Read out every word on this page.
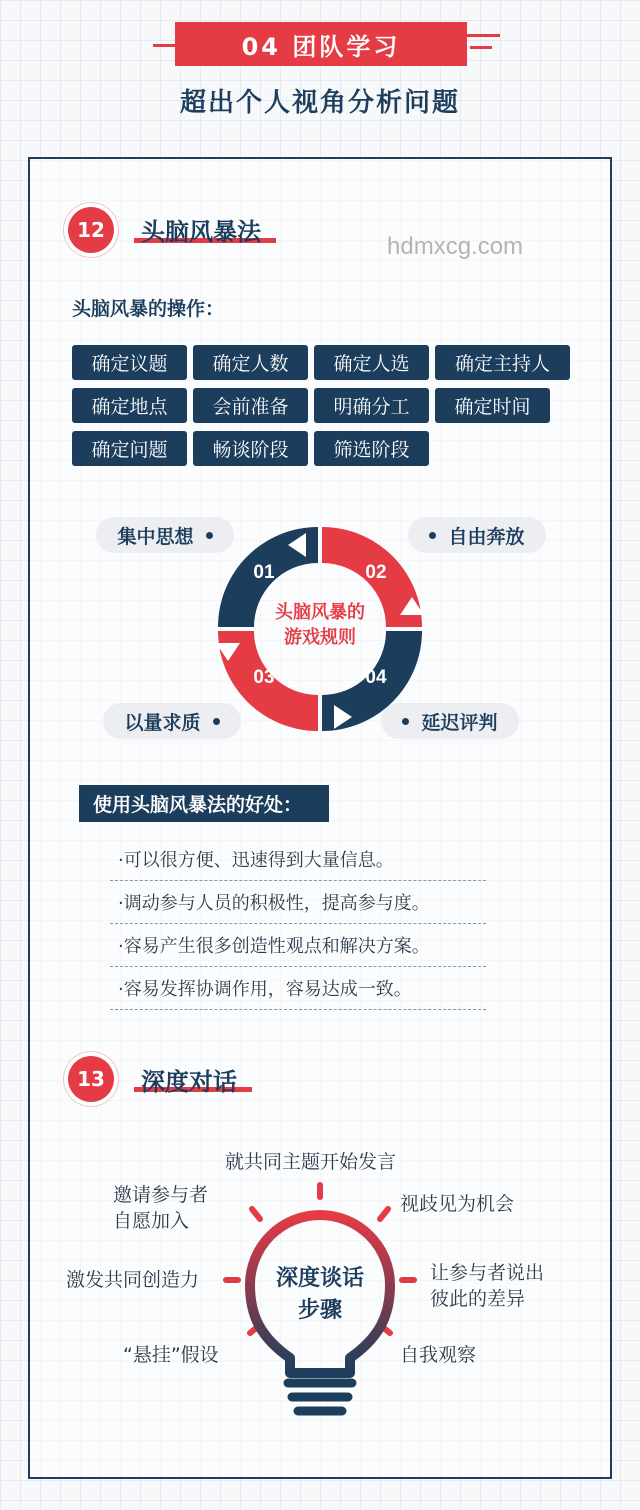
04 团队学习
超出个人视角分析问题
12	头脑风暴法
hdmxcg.com
头脑风暴的操作：
确定议题	确定人数	确定人选	确定主持人
确定地点	会前准备	明确分工	确定时间
确定问题	畅谈阶段	筛选阶段
01	02
03	04
头脑风暴的
游戏规则
集中思想	自由奔放
以量求质	延迟评判
使用头脑风暴法的好处：
·可以很方便、迅速得到大量信息。
·调动参与人员的积极性，提高参与度。
·容易产生很多创造性观点和解决方案。
·容易发挥协调作用，容易达成一致。
13	深度对话
深度谈话
步骤
就共同主题开始发言
邀请参与者
自愿加入
视歧见为机会
激发共同创造力	让参与者说出
彼此的差异
“悬挂”假设	自我观察
